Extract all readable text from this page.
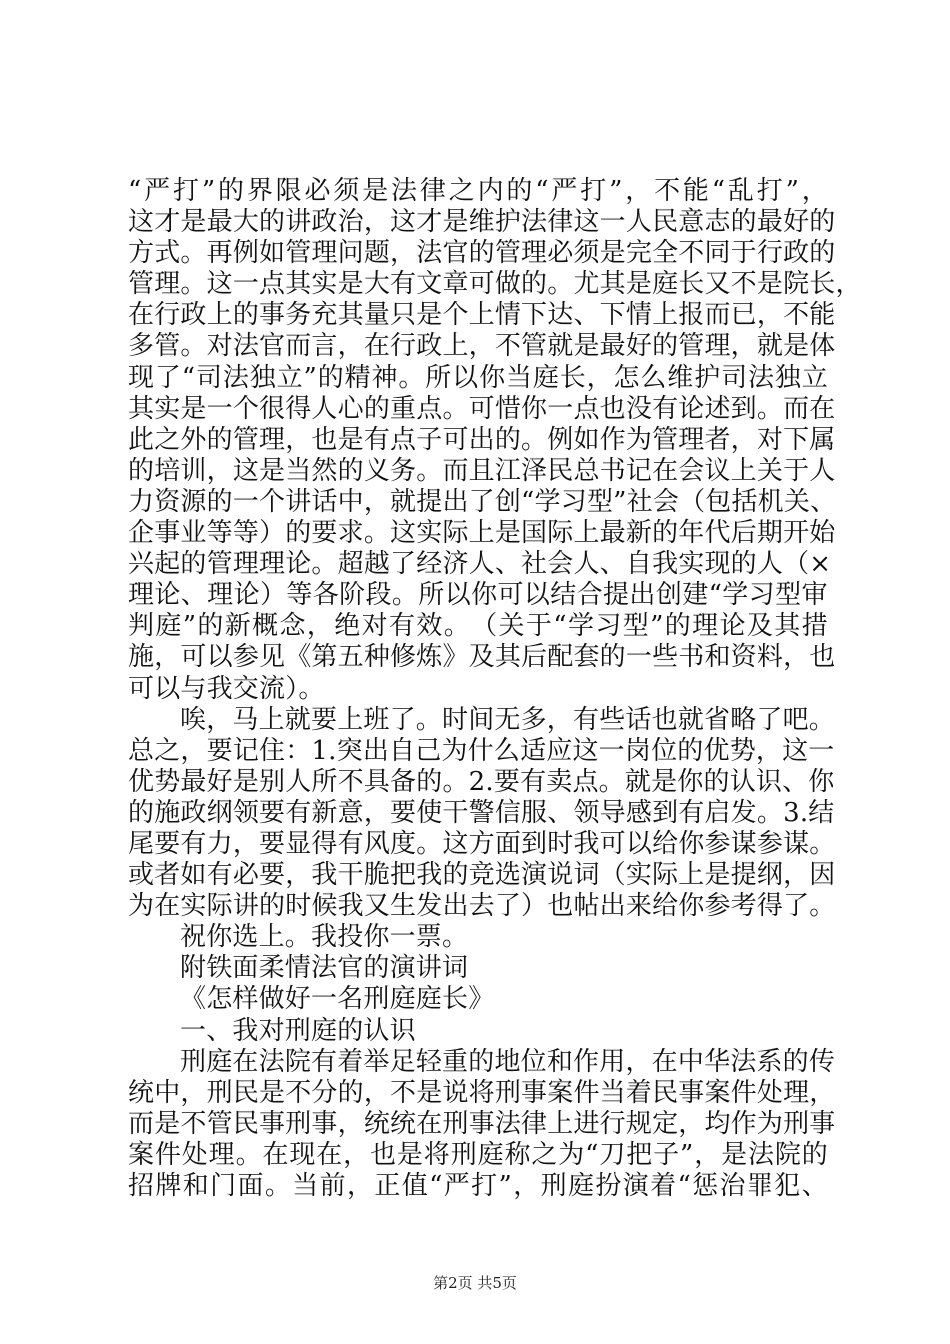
“ 严 打 ” 的 界 限 必 须 是 法 律 之 内 的 “ 严 打 ” ， 不 能 “ 乱 打 ” ，
这 才 是 最 大 的 讲 政 治 ， 这 才 是 维 护 法 律 这 一 人 民 意 志 的 最 好 的
方 式 。 再 例 如 管 理 问 题 ， 法 官 的 管 理 必 须 是 完 全 不 同 于 行 政 的
管 理 。 这 一 点 其 实 是 大 有 文 章 可 做 的 。 尤 其 是 庭 长 又 不 是 院 长 ，
在 行 政 上 的 事 务 充 其 量 只 是 个 上 情 下 达 、 下 情 上 报 而 已 ， 不 能
多 管 。 对 法 官 而 言 ， 在 行 政 上 ， 不 管 就 是 最 好 的 管 理 ， 就 是 体
现 了 “ 司 法 独 立 ” 的 精 神 。 所 以 你 当 庭 长 ， 怎 么 维 护 司 法 独 立
其 实 是 一 个 很 得 人 心 的 重 点 。 可 惜 你 一 点 也 没 有 论 述 到 。 而 在
此 之 外 的 管 理 ， 也 是 有 点 子 可 出 的 。 例 如 作 为 管 理 者 ， 对 下 属
的 培 训 ， 这 是 当 然 的 义 务 。 而 且 江 泽 民 总 书 记 在 会 议 上 关 于 人
力 资 源 的 一 个 讲 话 中 ， 就 提 出 了 创 “ 学 习 型 ” 社 会 （ 包 括 机 关 、
企 事 业 等 等 ） 的 要 求 。 这 实 际 上 是 国 际 上 最 新 的 年 代 后 期 开 始
兴 起 的 管 理 理 论 。 超 越 了 经 济 人 、 社 会 人 、 自 我 实 现 的 人 （ ×
理 论 、 理 论 ） 等 各 阶 段 。 所 以 你 可 以 结 合 提 出 创 建 “ 学 习 型 审
判 庭 ” 的 新 概 念 ， 绝 对 有 效 。 （ 关 于 “ 学 习 型 ” 的 理 论 及 其 措
施 ， 可 以 参 见 《 第 五 种 修 炼 》 及 其 后 配 套 的 一 些 书 和 资 料 ， 也
可以与我交流）。
唉，马上就要上班了。时间无多，有些话也就省略了吧。
总 之 ， 要 记 住 ： 1 . 突 出 自 己 为 什 么 适 应 这 一 岗 位 的 优 势 ， 这 一
优 势 最 好 是 别 人 所 不 具 备 的 。 2 . 要 有 卖 点 。 就 是 你 的 认 识 、 你
的 施 政 纲 领 要 有 新 意 ， 要 使 干 警 信 服 、 领 导 感 到 有 启 发 。 3 . 结
尾 要 有 力 ， 要 显 得 有 风 度 。 这 方 面 到 时 我 可 以 给 你 参 谋 参 谋 。
或 者 如 有 必 要 ， 我 干 脆 把 我 的 竞 选 演 说 词 （ 实 际 上 是 提 纲 ， 因
为 在 实 际 讲 的 时 候 我 又 生 发 出 去 了 ） 也 帖 出 来 给 你 参 考 得 了 。
祝你选上。我投你一票。
附铁面柔情法官的演讲词
《怎样做好一名刑庭庭长》
一、我对刑庭的认识
刑 庭 在 法 院 有 着 举 足 轻 重 的 地 位 和 作 用 ， 在 中 华 法 系 的 传
统 中 ， 刑 民 是 不 分 的 ， 不 是 说 将 刑 事 案 件 当 着 民 事 案 件 处 理 ，
而 是 不 管 民 事 刑 事 ， 统 统 在 刑 事 法 律 上 进 行 规 定 ， 均 作 为 刑 事
案 件 处 理 。 在 现 在 ， 也 是 将 刑 庭 称 之 为 “ 刀 把 子 ” ， 是 法 院 的
招 牌 和 门 面 。 当 前 ， 正 值 “ 严 打 ” ， 刑 庭 扮 演 着 “ 惩 治 罪 犯 、
第2页 共5页
